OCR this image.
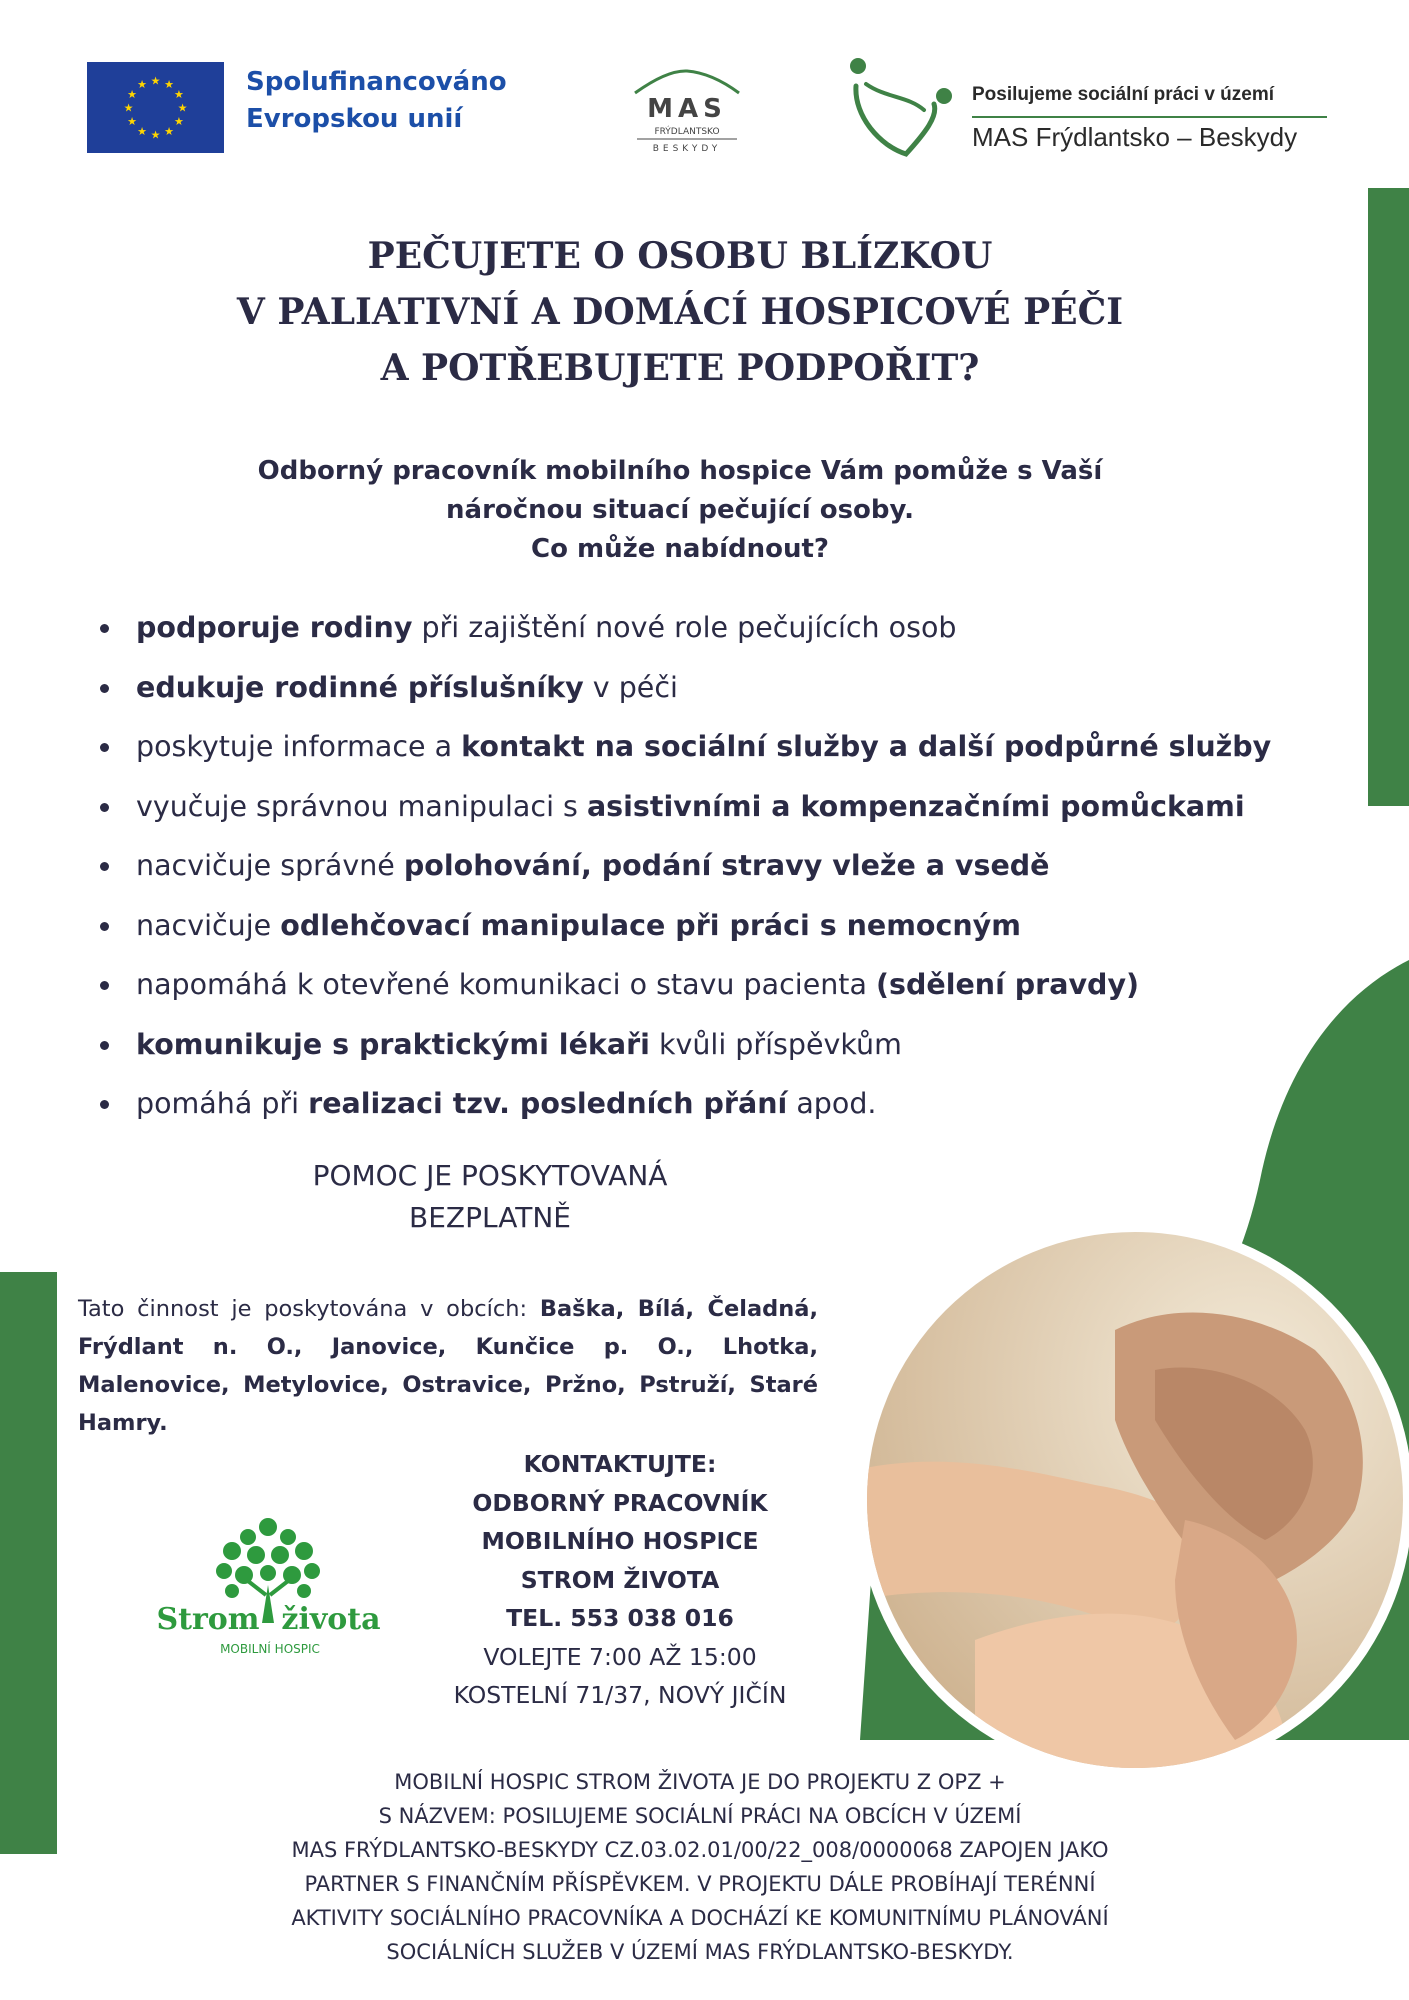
★ ★
★
★
★
★
★
★
★
★
★
★	Spolufinancováno
Evropskou unií	MAS
FRÝDLANTSKO
BESKYDY
Posilujeme sociální práci v území
MAS Frýdlantsko – Beskydy
PEČUJETE O OSOBU BLÍZKOU
V PALIATIVNÍ A DOMÁCÍ HOSPICOVÉ PÉČI
A POTŘEBUJETE PODPOŘIT?
Odborný pracovník mobilního hospice Vám pomůže s Vaší
náročnou situací pečující osoby.
Co může nabídnout?
podporuje rodiny při zajištění nové role pečujících osob
edukuje rodinné příslušníky v péči
poskytuje informace a kontakt na sociální služby a další podpůrné služby
vyučuje správnou manipulaci s asistivními a kompenzačními pomůckami
nacvičuje správné polohování, podání stravy vleže a vsedě
nacvičuje odlehčovací manipulace při práci s nemocným
napomáhá k otevřené komunikaci o stavu pacienta (sdělení pravdy)
komunikuje s praktickými lékaři kvůli příspěvkům
pomáhá při realizaci tzv. posledních přání apod.
POMOC JE POSKYTOVANÁ
BEZPLATNĚ
Tato činnost je poskytována v obcích: Baška, Bílá, Čeladná, Frýdlant n. O., Janovice, Kunčice p. O., Lhotka, Malenovice, Metylovice, Ostravice, Pržno, Pstruží, Staré Hamry.
KONTAKTUJTE:
ODBORNÝ PRACOVNÍK
MOBILNÍHO HOSPICE
STROM ŽIVOTA
TEL. 553 038 016
VOLEJTE 7:00 AŽ 15:00
KOSTELNÍ 71/37, NOVÝ JIČÍN
Strom života
MOBILNÍ HOSPIC
MOBILNÍ HOSPIC STROM ŽIVOTA JE DO PROJEKTU Z OPZ +
S NÁZVEM: POSILUJEME SOCIÁLNÍ PRÁCI NA OBCÍCH V ÚZEMÍ
MAS FRÝDLANTSKO-BESKYDY CZ.03.02.01/00/22_008/0000068 ZAPOJEN JAKO
PARTNER S FINANČNÍM PŘÍSPĚVKEM. V PROJEKTU DÁLE PROBÍHAJÍ TERÉNNÍ
AKTIVITY SOCIÁLNÍHO PRACOVNÍKA A DOCHÁZÍ KE KOMUNITNÍMU PLÁNOVÁNÍ
SOCIÁLNÍCH SLUŽEB V ÚZEMÍ MAS FRÝDLANTSKO-BESKYDY.
